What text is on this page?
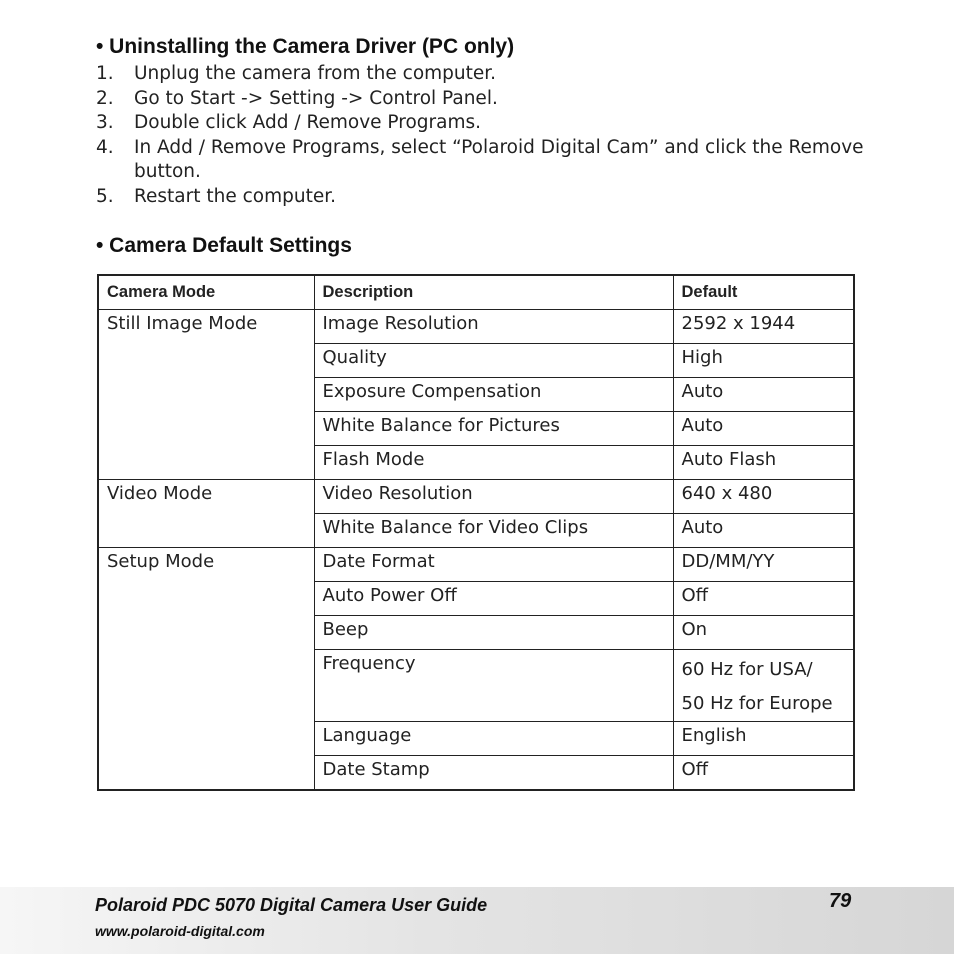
• Uninstalling the Camera Driver (PC only)
1. Unplug the camera from the computer.
2. Go to Start -> Setting -> Control Panel.
3. Double click Add / Remove Programs.
4. In Add / Remove Programs, select “Polaroid Digital Cam” and click the Remove button.
5. Restart the computer.
• Camera Default Settings
Camera Mode	Description	Default
Still Image Mode	Image Resolution	2592 x 1944
	Quality	High
	Exposure Compensation	Auto
	White Balance for Pictures	Auto
	Flash Mode	Auto Flash
Video Mode	Video Resolution	640 x 480
	White Balance for Video Clips	Auto
Setup Mode	Date Format	DD/MM/YY
	Auto Power Off	Off
	Beep	On
	Frequency	60 Hz for USA/
50 Hz for Europe
	Language	English
	Date Stamp	Off
Polaroid PDC 5070 Digital Camera User Guide
www.polaroid-digital.com
79
